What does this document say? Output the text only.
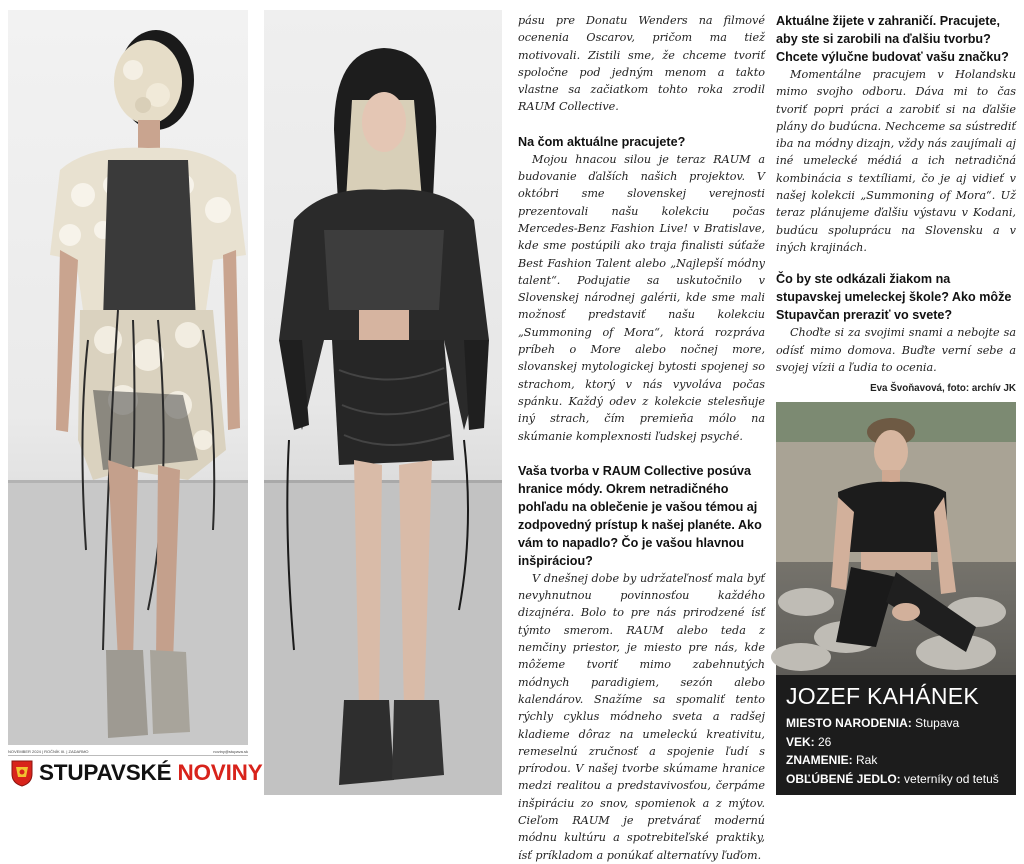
NOVEMBER 2024 | ROČNÍK III. | ZADARMO	noviny@stupava.sk
STUPAVSKÉ NOVINY

pásu pre Donatu Wenders na filmové ocenenia Oscarov, pričom ma tiež motivovali. Zistili sme, že chceme tvoriť spoločne pod jedným menom a takto vlastne sa začiatkom tohto roka zrodil RAUM Collective.

Na čom aktuálne pracujete?

Mojou hnacou silou je teraz RAUM a budovanie ďalších našich projektov. V októbri sme slovenskej verejnosti prezentovali našu kolekciu počas Mercedes-Benz Fashion Live! v Bratislave, kde sme postúpili ako traja finalisti súťaže Best Fashion Talent alebo „Najlepší módny talent“. Podujatie sa uskutočnilo v Slovenskej národnej galérii, kde sme mali možnosť predstaviť našu kolekciu „Summoning of Mora“, ktorá rozpráva príbeh o More alebo nočnej more, slovanskej mytologickej bytosti spojenej so strachom, ktorý v nás vyvoláva počas spánku. Každý odev z kolekcie stelesňuje iný strach, čím premieňa mólo na skúmanie komplexnosti ľudskej psyché.

Vaša tvorba v RAUM Collective posúva hranice módy. Okrem netradičného pohľadu na oblečenie je vašou témou aj zodpovedný prístup k našej planéte. Ako vám to napadlo? Čo je vašou hlavnou inšpiráciou?

V dnešnej dobe by udržateľnosť mala byť nevyhnutnou povinnosťou každého dizajnéra. Bolo to pre nás prirodzené ísť týmto smerom. RAUM alebo teda z nemčiny priestor, je miesto pre nás, kde môžeme tvoriť mimo zabehnutých módnych paradigiem, sezón alebo kalendárov. Snažíme sa spomaliť tento rýchly cyklus módneho sveta a radšej kladieme dôraz na umeleckú kreativitu, remeselnú zručnosť a spojenie ľudí s prírodou. V našej tvorbe skúmame hranice medzi realitou a predstavivosťou, čerpáme inšpiráciu zo snov, spomienok a z mýtov. Cieľom RAUM je pretvárať modernú módnu kultúru a spotrebiteľské praktiky, ísť príkladom a ponúkať alternatívy ľuďom.

Aktuálne žijete v zahraničí. Pracujete, aby ste si zarobili na ďalšiu tvorbu? Chcete výlučne budovať vašu značku?

Momentálne pracujem v Holandsku mimo svojho odboru. Dáva mi to čas tvoriť popri práci a zarobiť si na ďalšie plány do budúcna. Nechceme sa sústrediť iba na módny dizajn, vždy nás zaujímali aj iné umelecké médiá a ich netradičná kombinácia s textíliami, čo je aj vidieť v našej kolekcii „Summoning of Mora“. Už teraz plánujeme ďalšiu výstavu v Kodani, budúcu spoluprácu na Slovensku a v iných krajinách.

Čo by ste odkázali žiakom na stupavskej umeleckej škole? Ako môže Stupavčan preraziť vo svete?

Choďte si za svojimi snami a nebojte sa odísť mimo domova. Buďte verní sebe a svojej vízii a ľudia to ocenia.

Eva Švoňavová, foto: archív JK
JOZEF KAHÁNEK
MIESTO NARODENIA: Stupava
VEK: 26
ZNAMENIE: Rak
OBĽÚBENÉ JEDLO: veterníky od tetuš
